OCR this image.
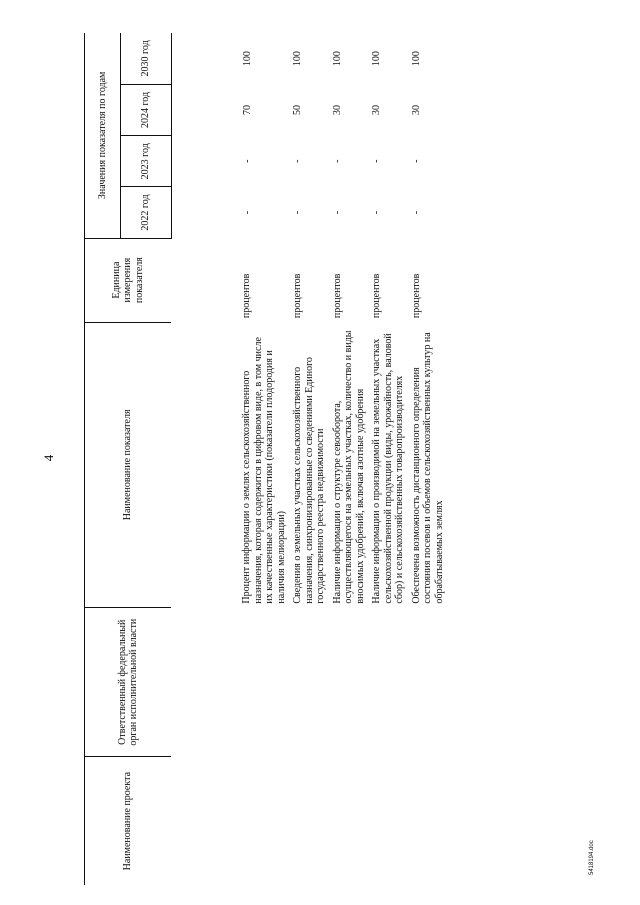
4
Наименование проекта	Ответственный федеральный орган исполнительной власти	Наименование показателя	Единица измерения показателя	Значения показателя по годам			
				2022 год	2023 год	2024 год	2030 год
		Процент информации о землях сельскохозяйственного назначения, которая содержится в цифровом виде, в том числе их качественные характеристики (показатели плодородия и наличия мелиорации)	процентов	-	-	70	100
		Сведения о земельных участках сельскохозяйственного назначения, синхронизированные со сведениями Единого государственного реестра недвижимости	процентов	-	-	50	100
		Наличие информации о структуре севооборота, осуществляющегося на земельных участках, количество и виды вносимых удобрений, включая азотные удобрения	процентов	-	-	30	100
		Наличие информации о производимой на земельных участках сельскохозяйственной продукции (виды, урожайность, валовой сбор) и сельскохозяйственных товаропроизводителях	процентов	-	-	30	100
		Обеспечена возможность дистанционного определения состояния посевов и объемов сельскохозяйственных культур на обрабатываемых землях	процентов	-	-	30	100
5418194.doc
